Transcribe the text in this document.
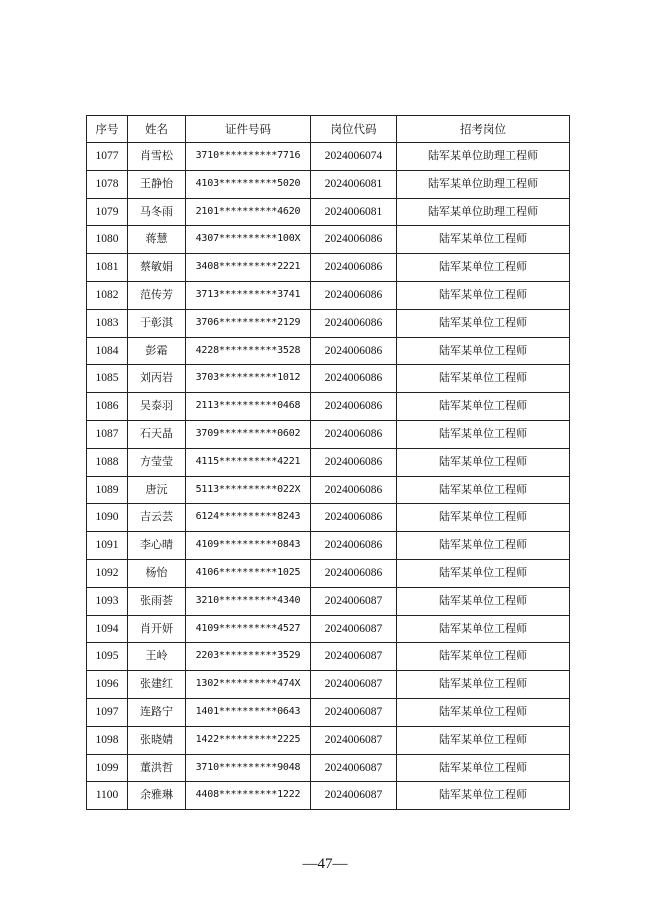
序号	姓名	证件号码	岗位代码	招考岗位
1077	肖雪松	3710**********7716	2024006074	陆军某单位助理工程师
1078	王静怡	4103**********5020	2024006081	陆军某单位助理工程师
1079	马冬雨	2101**********4620	2024006081	陆军某单位助理工程师
1080	蒋慧	4307**********100X	2024006086	陆军某单位工程师
1081	蔡敏娟	3408**********2221	2024006086	陆军某单位工程师
1082	范传芳	3713**********3741	2024006086	陆军某单位工程师
1083	于彰淇	3706**********2129	2024006086	陆军某单位工程师
1084	彭霜	4228**********3528	2024006086	陆军某单位工程师
1085	刘丙岩	3703**********1012	2024006086	陆军某单位工程师
1086	吴泰羽	2113**********0468	2024006086	陆军某单位工程师
1087	石天晶	3709**********0602	2024006086	陆军某单位工程师
1088	方莹莹	4115**********4221	2024006086	陆军某单位工程师
1089	唐沅	5113**********022X	2024006086	陆军某单位工程师
1090	吉云芸	6124**********8243	2024006086	陆军某单位工程师
1091	李心晴	4109**********0843	2024006086	陆军某单位工程师
1092	杨怡	4106**********1025	2024006086	陆军某单位工程师
1093	张雨荟	3210**********4340	2024006087	陆军某单位工程师
1094	肖开妍	4109**********4527	2024006087	陆军某单位工程师
1095	王岭	2203**********3529	2024006087	陆军某单位工程师
1096	张建红	1302**********474X	2024006087	陆军某单位工程师
1097	连路宁	1401**********0643	2024006087	陆军某单位工程师
1098	张晓婧	1422**********2225	2024006087	陆军某单位工程师
1099	董洪哲	3710**********9048	2024006087	陆军某单位工程师
1100	余雅琳	4408**********1222	2024006087	陆军某单位工程师
—47—
